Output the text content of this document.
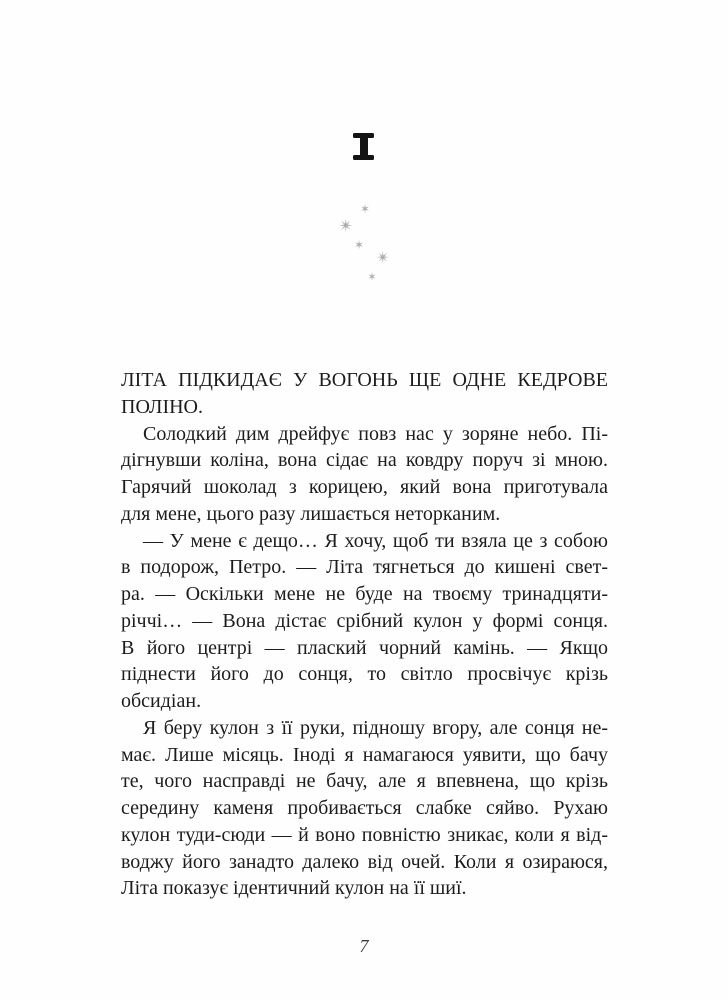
✶
✴
✶
✴
✶
ЛІТА ПІДКИДАЄ У ВОГОНЬ ЩЕ ОДНЕ КЕДРОВЕ
ПОЛІНО.
Солодкий дим дрейфує повз нас у зоряне небо. Пі-
дігнувши коліна, вона сідає на ковдру поруч зі мною.
Гарячий шоколад з корицею, який вона приготувала
для мене, цього разу лишається неторканим.
— У мене є дещо… Я хочу, щоб ти взяла це з собою
в подорож, Петро. — Літа тягнеться до кишені свет-
ра. — Оскільки мене не буде на твоєму тринадцяти-
річчі… — Вона дістає срібний кулон у формі сонця.
В його центрі — плаский чорний камінь. — Якщо
піднести його до сонця, то світло просвічує крізь
обсидіан.
Я беру кулон з її руки, підношу вгору, але сонця не-
має. Лише місяць. Іноді я намагаюся уявити, що бачу
те, чого насправді не бачу, але я впевнена, що крізь
середину каменя пробивається слабке сяйво. Рухаю
кулон туди-сюди — й воно повністю зникає, коли я від-
воджу його занадто далеко від очей. Коли я озираюся,
Літа показує ідентичний кулон на її шиї.
7
